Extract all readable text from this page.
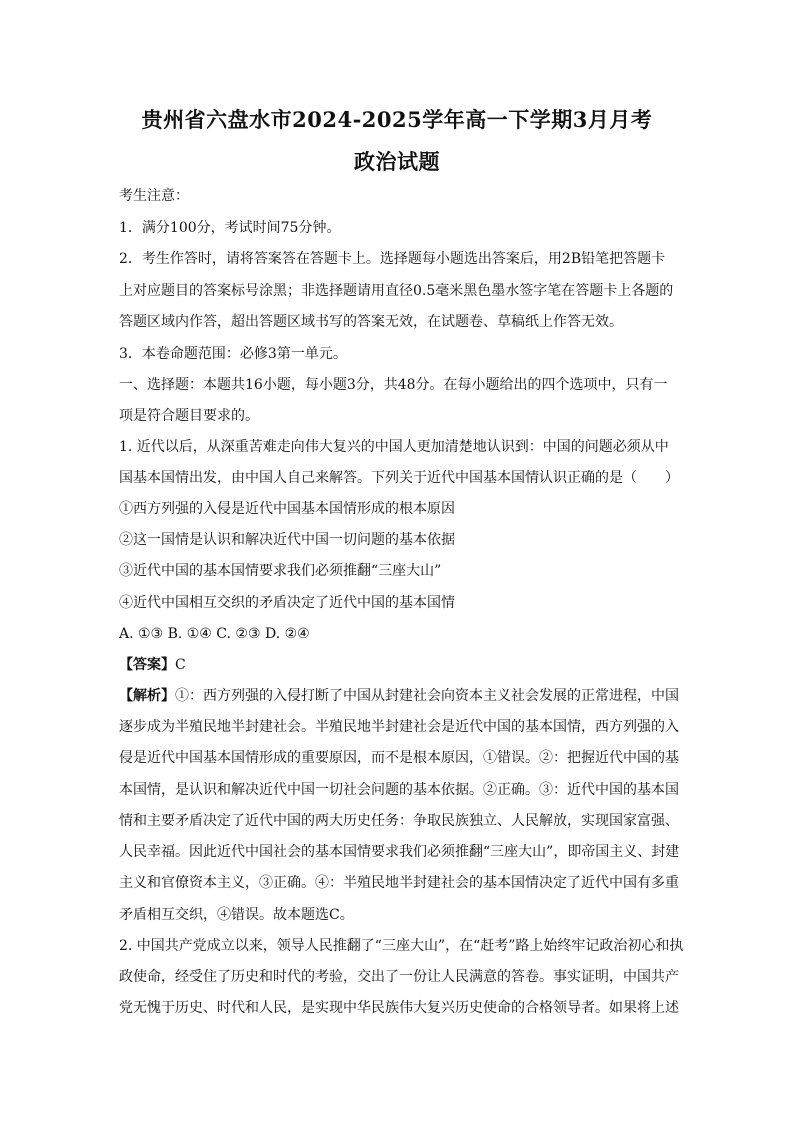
贵州省六盘水市2024-2025学年高一下学期3月月考
政治试题
考生注意：
1．满分100分，考试时间75分钟。
2．考生作答时，请将答案答在答题卡上。选择题每小题选出答案后，用2B铅笔把答题卡
上对应题目的答案标号涂黑；非选择题请用直径0.5毫米黑色墨水签字笔在答题卡上各题的
答题区域内作答，超出答题区域书写的答案无效，在试题卷、草稿纸上作答无效。
3．本卷命题范围：必修3第一单元。
一、选择题：本题共16小题，每小题3分，共48分。在每小题给出的四个选项中，只有一
项是符合题目要求的。
1. 近代以后，从深重苦难走向伟大复兴的中国人更加清楚地认识到：中国的问题必须从中
国基本国情出发，由中国人自己来解答。下列关于近代中国基本国情认识正确的是（　　）
①西方列强的入侵是近代中国基本国情形成的根本原因
②这一国情是认识和解决近代中国一切问题的基本依据
③近代中国的基本国情要求我们必须推翻“三座大山”
④近代中国相互交织的矛盾决定了近代中国的基本国情
A. ①③ B. ①④ C. ②③ D. ②④
【答案】C
【解析】①：西方列强的入侵打断了中国从封建社会向资本主义社会发展的正常进程，中国
逐步成为半殖民地半封建社会。半殖民地半封建社会是近代中国的基本国情，西方列强的入
侵是近代中国基本国情形成的重要原因，而不是根本原因，①错误。②：把握近代中国的基
本国情，是认识和解决近代中国一切社会问题的基本依据。②正确。③：近代中国的基本国
情和主要矛盾决定了近代中国的两大历史任务：争取民族独立、人民解放，实现国家富强、
人民幸福。因此近代中国社会的基本国情要求我们必须推翻“三座大山”，即帝国主义、封建
主义和官僚资本主义，③正确。④：半殖民地半封建社会的基本国情决定了近代中国有多重
矛盾相互交织，④错误。故本题选C。
2. 中国共产党成立以来，领导人民推翻了“三座大山”，在“赶考”路上始终牢记政治初心和执
政使命，经受住了历史和时代的考验，交出了一份让人民满意的答卷。事实证明，中国共产
党无愧于历史、时代和人民，是实现中华民族伟大复兴历史使命的合格领导者。如果将上述
